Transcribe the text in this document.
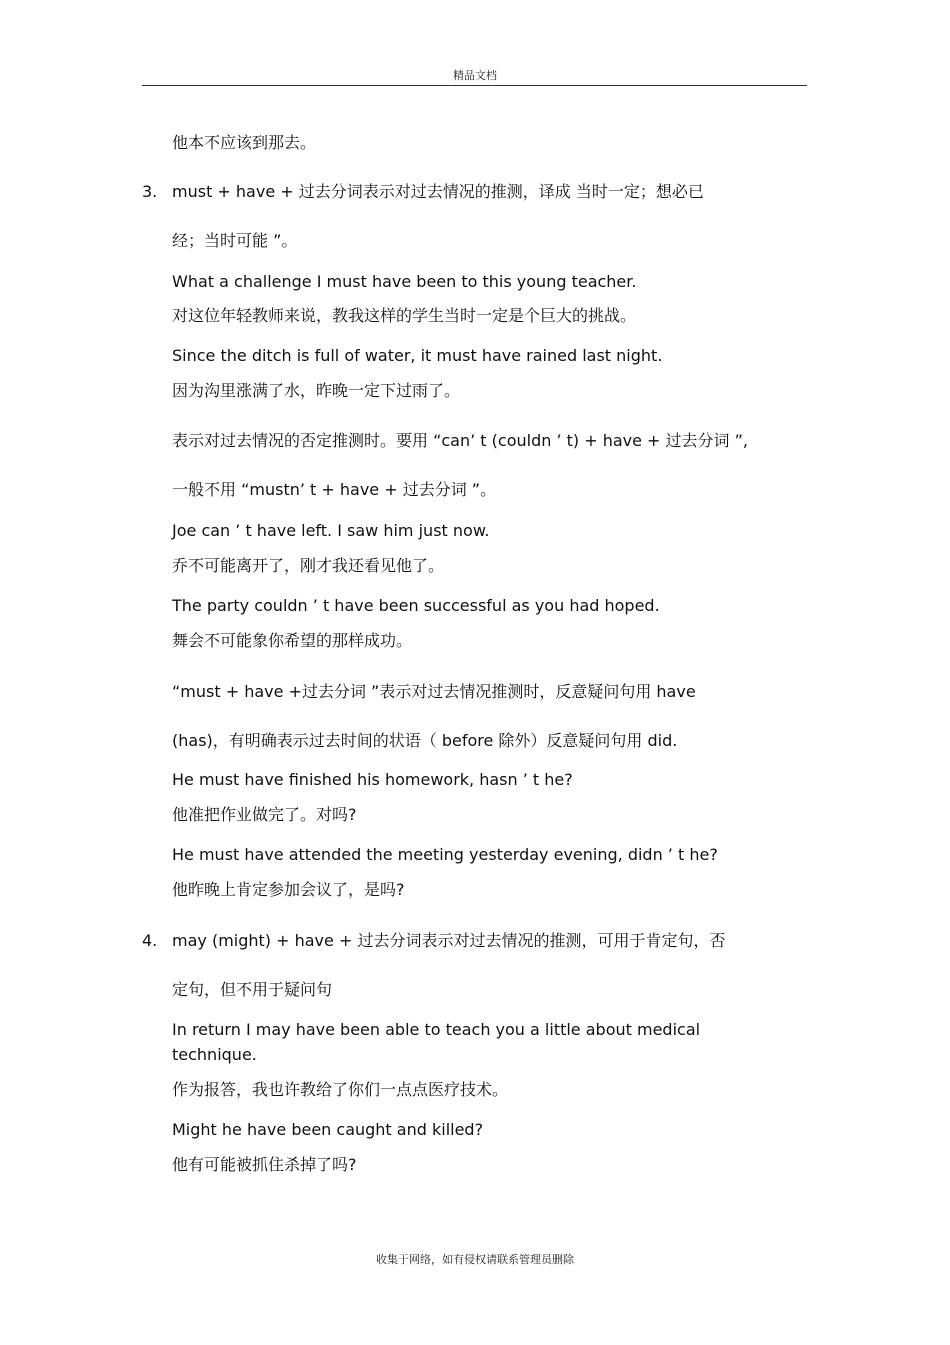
精品文档
他本不应该到那去。
3. must + have + 过去分词表示对过去情况的推测，译成 当时一定；想必已
经；当时可能 ”。
What a challenge I must have been to this young teacher.
对这位年轻教师来说，教我这样的学生当时一定是个巨大的挑战。
Since the ditch is full of water, it must have rained last night.
因为沟里涨满了水，昨晚一定下过雨了。
表示对过去情况的否定推测时。要用 “can’ t (couldn ’ t) + have + 过去分词 ”,
一般不用 “mustn’ t + have + 过去分词 ”。
Joe can ’ t have left. I saw him just now.
乔不可能离开了，刚才我还看见他了。
The party couldn ’ t have been successful as you had hoped.
舞会不可能象你希望的那样成功。
“must + have +过去分词 ”表示对过去情况推测时，反意疑问句用 have
(has)，有明确表示过去时间的状语（ before 除外）反意疑问句用 did.
He must have finished his homework, hasn ’ t he?
他准把作业做完了。对吗?
He must have attended the meeting yesterday evening, didn ’ t he?
他昨晚上肯定参加会议了，是吗?
4. may (might) + have + 过去分词表示对过去情况的推测，可用于肯定句，否
定句，但不用于疑问句
In return I may have been able to teach you a little about medical
technique.
作为报答，我也许教给了你们一点点医疗技术。
Might he have been caught and killed?
他有可能被抓住杀掉了吗?
收集于网络，如有侵权请联系管理员删除
